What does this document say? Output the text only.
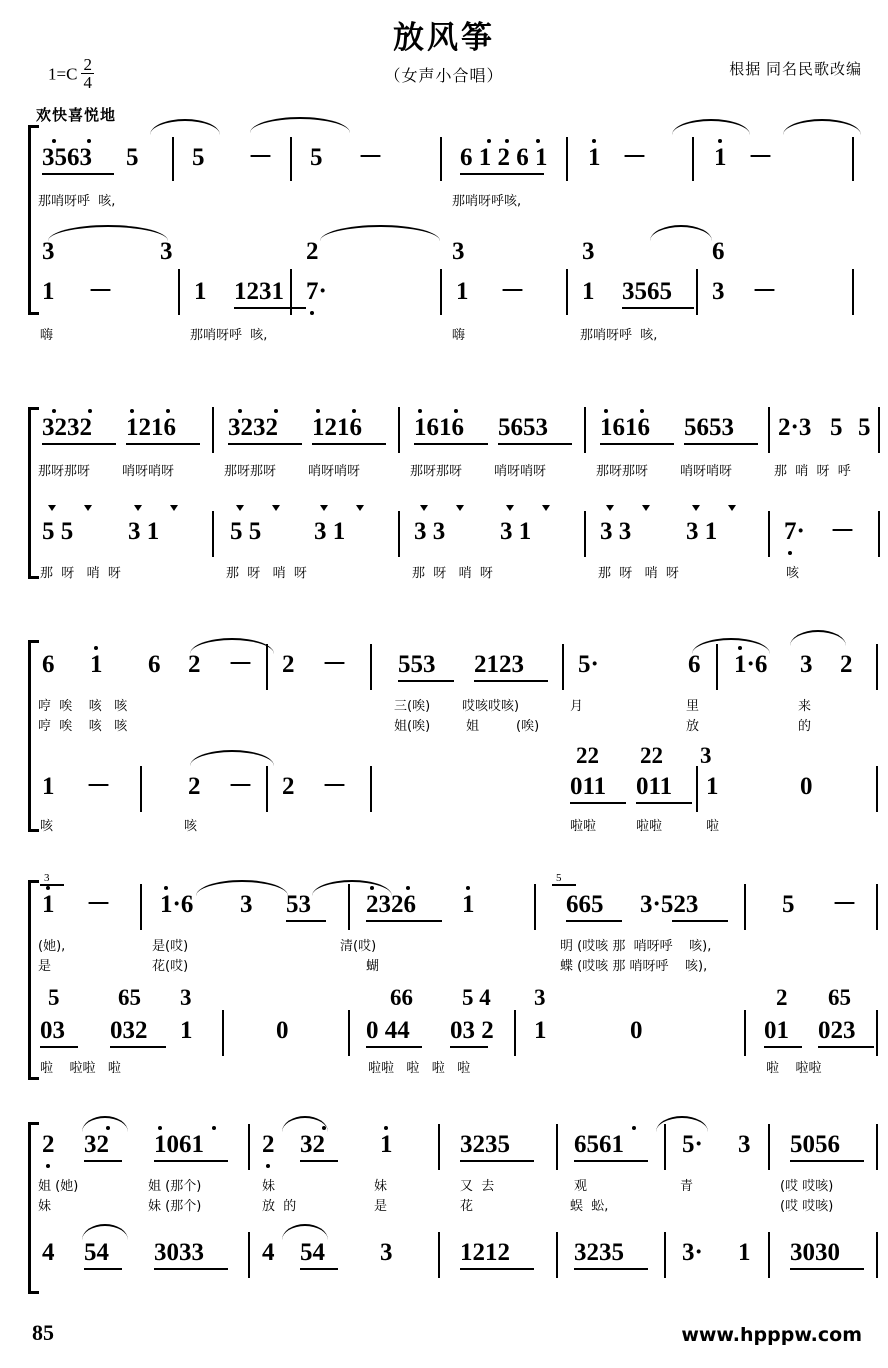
放风筝
（女声小合唱）	根据 同名民歌改编
$1=C \frac{2}{4}$
欢快喜悦地
3563 5 5 － 5 －	6 1 2 6 1 1 －	1 －
那哨呀呼  咳,	那哨呀呼咳,
3	3	2	3	3	6
1 －	1 1231 7·	1 － 1 3565 3 －
嗨	那哨呀呼  咳,	嗨	那哨呀呼  咳,
3232 1216 3232 1216 1616 5653 1616 5653 2·3 5 5
那呀那呀 哨呀哨呀	那呀那呀 哨呀哨呀	那呀那呀 哨呀哨呀	那呀那呀 哨呀哨呀	那  哨  呀  呼
5 5 3 1	5 5 3 1	3 3 3 1	3 3 3 1	7· －
那  呀   哨  呀	那  呀   哨  呀	那  呀   哨  呀	那  呀   哨  呀	咳
6 1 6 2 － 2 － 553 2123 5·	6 1·6 3 2
哼  唉    咳   咳	三(唉) 哎咳哎咳)	月	里	来
哼  唉    咳   咳	姐(唉)	姐	(唉)	放	的
1 －	2 － 2 －
22 22 3
011 011 1	0
咳	咳	啦啦	啦啦	啦
3	5
1 － 1·6 3 53 2326 1	665 3·523	5 －
(她),	是(哎)	清(哎)	明 (哎咳 那  哨呀呼    咳),
是	花(哎)	蝴	蝶 (哎咳 那 哨呀呼    咳),
5	65 3	66 5 4 3	2 65
03 032 1	0	0 44 03 2 1	0	01 023
啦    啦啦   啦	啦啦   啦   啦   啦	啦    啦啦
2 32 1061 2 32 1	3235	6561 5· 3 5056
姐 (她)	姐 (那个)	妹	妹	又  去	观	青	(哎 哎咳)
妹	妹 (那个)	放  的	是	花	蜈  蚣,	(哎 哎咳)
4 54 3033 4 54 3	1212	3235 3· 1 3030
85	www.hpppw.com
